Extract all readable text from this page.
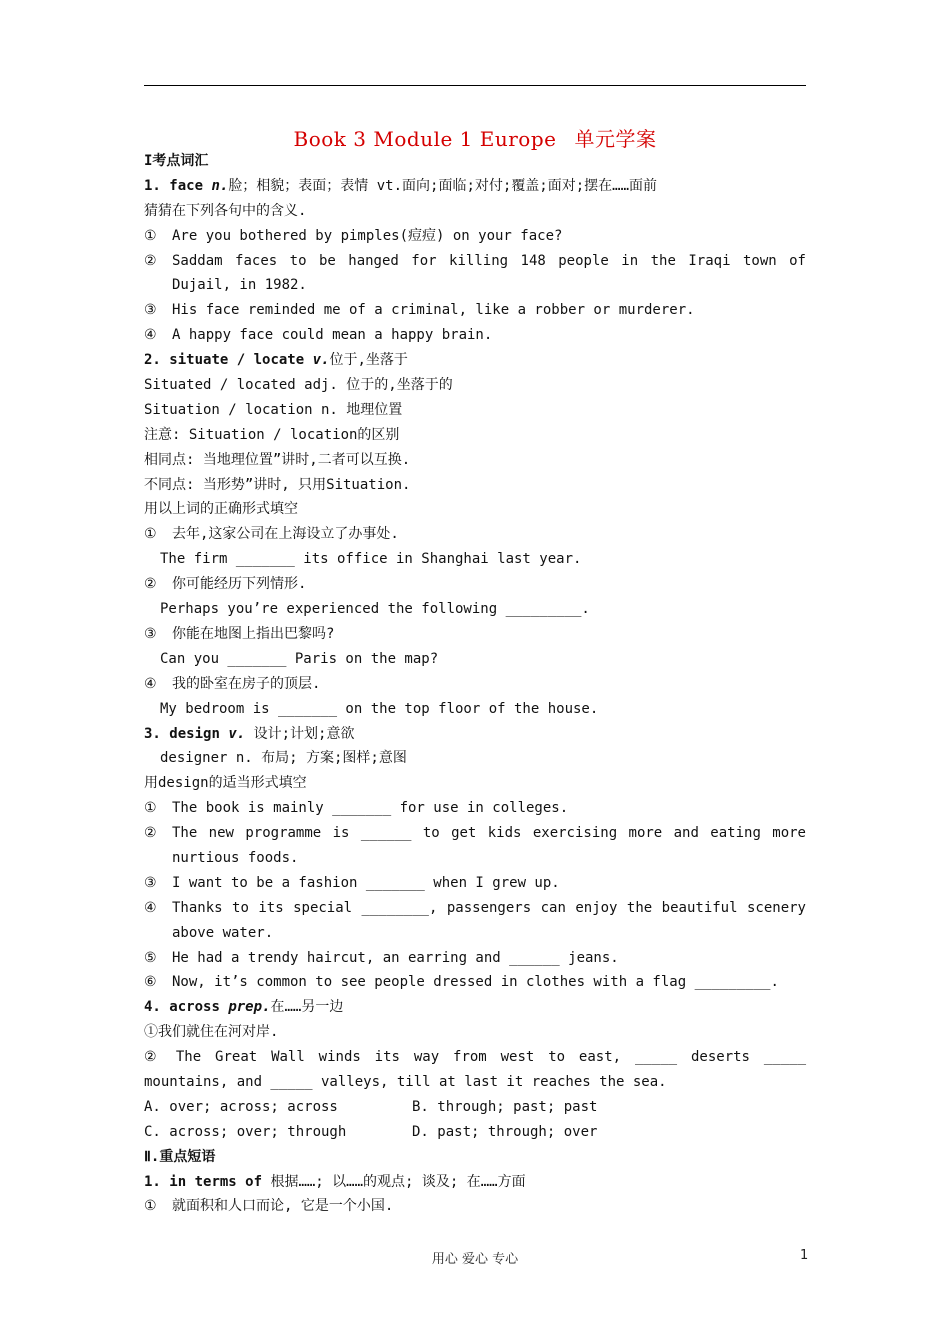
Book 3 Module 1 Europe 单元学案
I考点词汇
1. face n.脸；相貌；表面；表情 vt.面向;面临;对付;覆盖;面对;摆在……面前
猜猜在下列各句中的含义.
① Are you bothered by pimples(痘痘) on your face?
② Saddam faces to be hanged for killing 148 people in the Iraqi town of
Dujail, in 1982.
③ His face reminded me of a criminal, like a robber or murderer.
④ A happy face could mean a happy brain.
2. situate / locate v.位于,坐落于
Situated / located adj. 位于的,坐落于的
Situation / location n. 地理位置
注意: Situation / location的区别
相同点: 当地理位置”讲时,二者可以互换.
不同点: 当形势”讲时, 只用Situation.
用以上词的正确形式填空
① 去年,这家公司在上海设立了办事处.
The firm _______ its office in Shanghai last year.
② 你可能经历下列情形.
Perhaps you’re experienced the following _________.
③ 你能在地图上指出巴黎吗?
Can you _______ Paris on the map?
④ 我的卧室在房子的顶层.
My bedroom is _______ on the top floor of the house.
3. design v. 设计;计划;意欲
designer n. 布局; 方案;图样;意图
用design的适当形式填空
① The book is mainly _______ for use in colleges.
② The new programme is ______ to get kids exercising more and eating more
nurtious foods.
③ I want to be a fashion _______ when I grew up.
④ Thanks to its special ________, passengers can enjoy the beautiful scenery
above water.
⑤ He had a trendy haircut, an earring and ______ jeans.
⑥ Now, it’s common to see people dressed in clothes with a flag _________.
4. across prep.在……另一边
①我们就住在河对岸.
② The Great Wall winds its way from west to east, _____ deserts _____
mountains, and _____ valleys, till at last it reaches the sea.
A. over; across; across	B. through; past; past
C. across; over; through	D. past; through; over
Ⅱ.重点短语
1. in terms of 根据……; 以……的观点; 谈及; 在……方面
① 就面积和人口而论, 它是一个小国.
用心 爱心 专心	1
